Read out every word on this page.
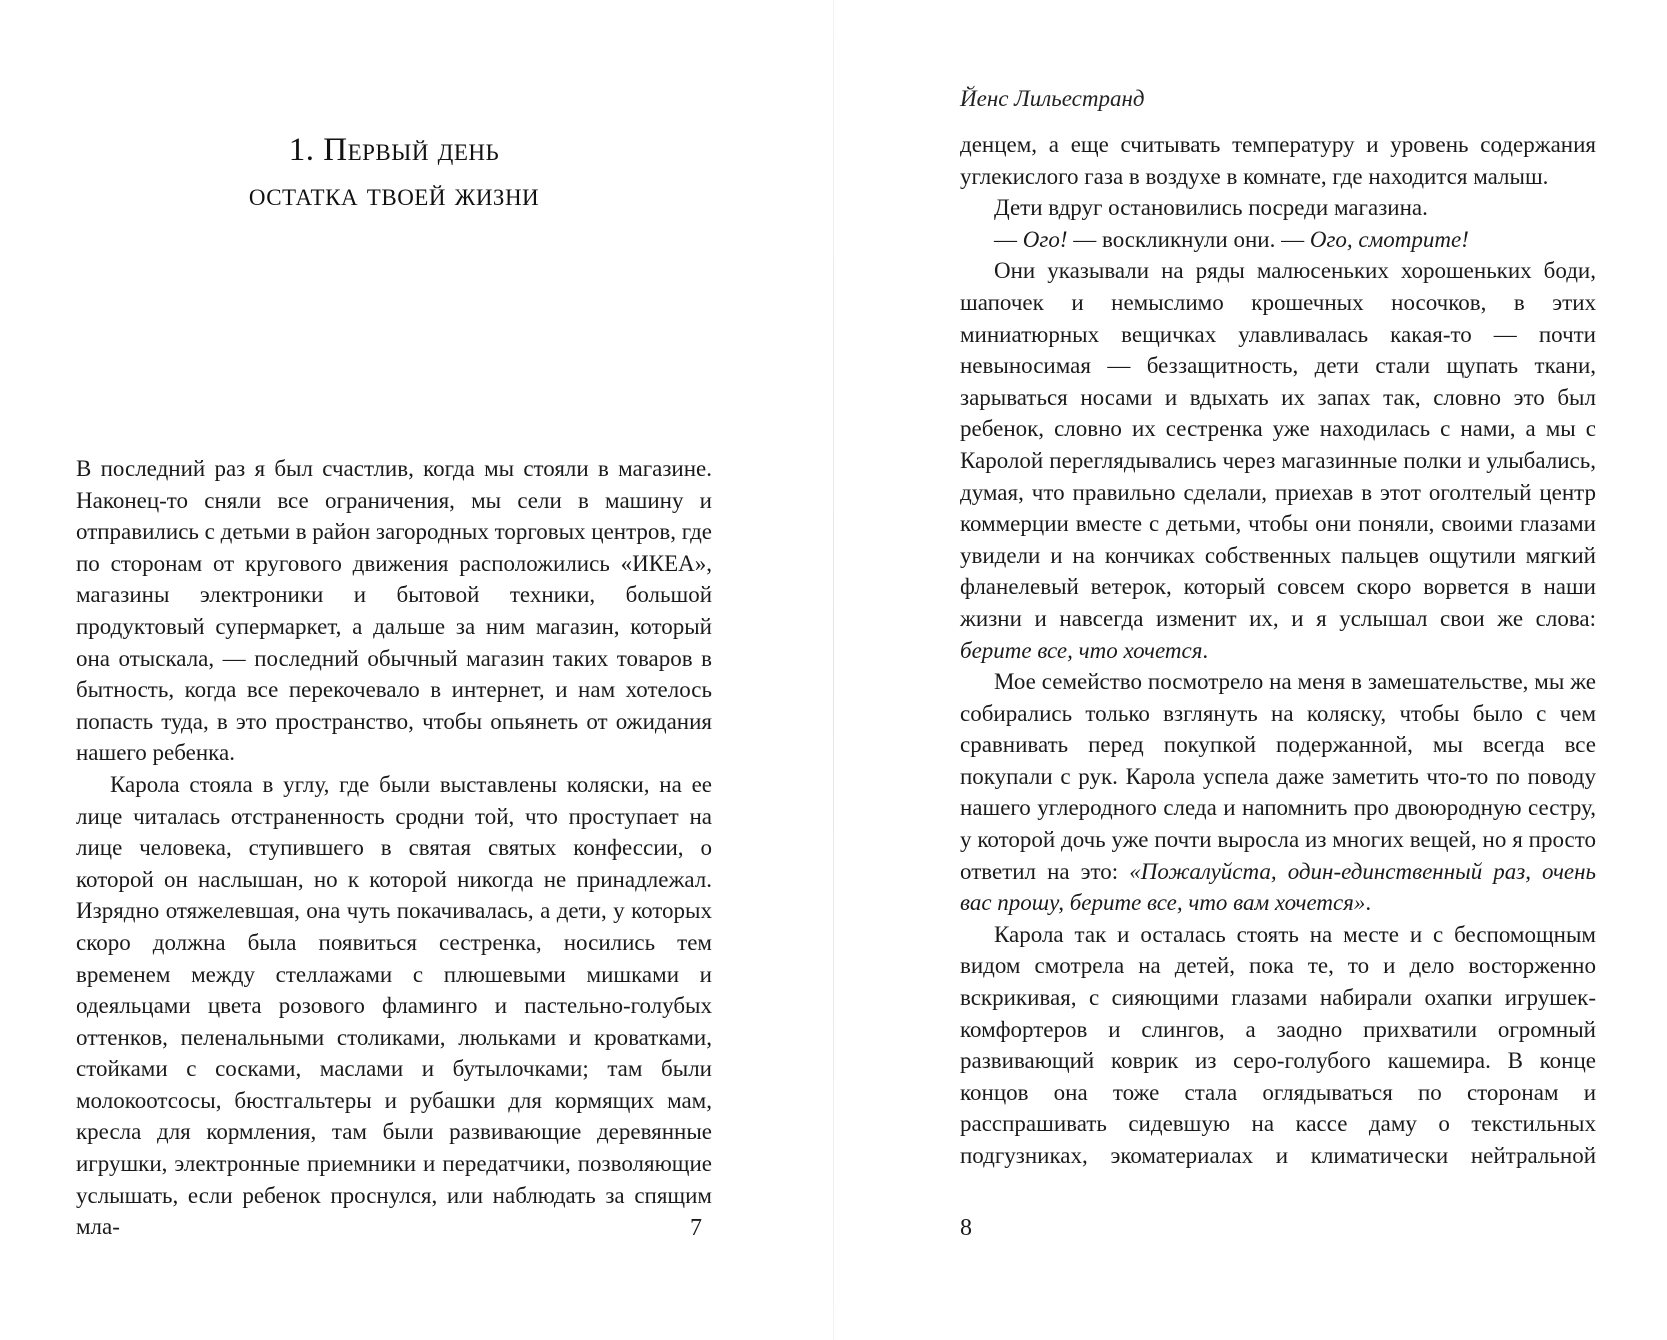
1. Первый день
остатка твоей жизни

В последний раз я был счастлив, когда мы стояли в магазине. Наконец-то сняли все ограничения, мы сели в машину и отправились с детьми в район загородных торговых центров, где по сторонам от кругового движения расположились «ИКЕА», магазины электроники и бытовой техники, большой продуктовый супермаркет, а дальше за ним магазин, который она отыскала, — последний обычный магазин таких товаров в бытность, когда все перекочевало в интернет, и нам хотелось попасть туда, в это пространство, чтобы опьянеть от ожидания нашего ребенка.

Карола стояла в углу, где были выставлены коляски, на ее лице читалась отстраненность сродни той, что проступает на лице человека, ступившего в святая святых конфессии, о которой он наслышан, но к которой никогда не принадлежал. Изрядно отяжелевшая, она чуть покачивалась, а дети, у которых скоро должна была появиться сестренка, носились тем временем между стеллажами с плюшевыми мишками и одеяльцами цвета розового фламинго и пастельно-голубых оттенков, пеленальными столиками, люльками и кроватками, стойками с сосками, маслами и бутылочками; там были молокоотсосы, бюстгальтеры и рубашки для кормящих мам, кресла для кормления, там были развивающие деревянные игрушки, электронные приемники и передатчики, позволяющие услышать, если ребенок проснулся, или наблюдать за спящим мла-	7
Йенс Лильестранд

денцем, а еще считывать температуру и уровень содержания углекислого газа в воздухе в комнате, где находится малыш.

Дети вдруг остановились посреди магазина.

— Ого! — воскликнули они. — Ого, смотрите!

Они указывали на ряды малюсеньких хорошеньких боди, шапочек и немыслимо крошечных носочков, в этих миниатюрных вещичках улавливалась какая-то — почти невыносимая — беззащитность, дети стали щупать ткани, зарываться носами и вдыхать их запах так, словно это был ребенок, словно их сестренка уже находилась с нами, а мы с Каролой переглядывались через магазинные полки и улыбались, думая, что правильно сделали, приехав в этот оголтелый центр коммерции вместе с детьми, чтобы они поняли, своими глазами увидели и на кончиках собственных пальцев ощутили мягкий фланелевый ветерок, который совсем скоро ворвется в наши жизни и навсегда изменит их, и я услышал свои же слова: берите все, что хочется.

Мое семейство посмотрело на меня в замешательстве, мы же собирались только взглянуть на коляску, чтобы было с чем сравнивать перед покупкой подержанной, мы всегда все покупали с рук. Карола успела даже заметить что-то по поводу нашего углеродного следа и напомнить про двоюродную сестру, у которой дочь уже почти выросла из многих вещей, но я просто ответил на это: «Пожалуйста, один-единственный раз, очень вас прошу, берите все, что вам хочется».

Карола так и осталась стоять на месте и с беспомощным видом смотрела на детей, пока те, то и дело восторженно вскрикивая, с сияющими глазами набирали охапки игрушек-комфортеров и слингов, а заодно прихватили огромный развивающий коврик из серо-голубого кашемира. В конце концов она тоже стала оглядываться по сторонам и расспрашивать сидевшую на кассе даму о текстильных подгузниках, экоматериалах и климатически нейтральной

8
